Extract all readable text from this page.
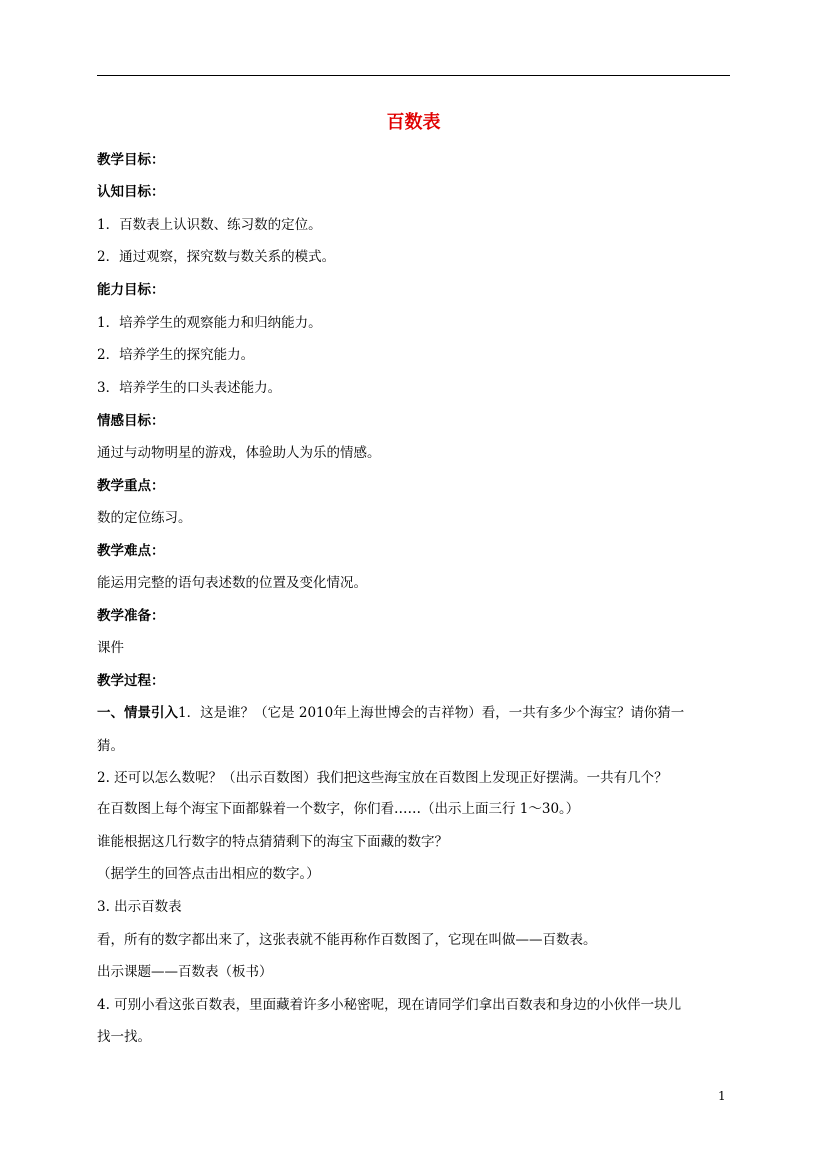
百数表
教学目标：
认知目标：
1．百数表上认识数、练习数的定位。
2．通过观察，探究数与数关系的模式。
能力目标：
1．培养学生的观察能力和归纳能力。
2．培养学生的探究能力。
3．培养学生的口头表述能力。
情感目标：
通过与动物明星的游戏，体验助人为乐的情感。
教学重点：
数的定位练习。
教学难点：
能运用完整的语句表述数的位置及变化情况。
教学准备：
课件
教学过程：
一、情景引入1．这是谁？（它是 2010年上海世博会的吉祥物）看，一共有多少个海宝？请你猜一
猜。
2. 还可以怎么数呢？（出示百数图）我们把这些海宝放在百数图上发现正好摆满。一共有几个？
在百数图上每个海宝下面都躲着一个数字，你们看……（出示上面三行 1～30。）
谁能根据这几行数字的特点猜猜剩下的海宝下面藏的数字？
（据学生的回答点击出相应的数字。）
3. 出示百数表
看，所有的数字都出来了，这张表就不能再称作百数图了，它现在叫做——百数表。
出示课题——百数表（板书）
4. 可别小看这张百数表，里面藏着许多小秘密呢，现在请同学们拿出百数表和身边的小伙伴一块儿
找一找。
1
